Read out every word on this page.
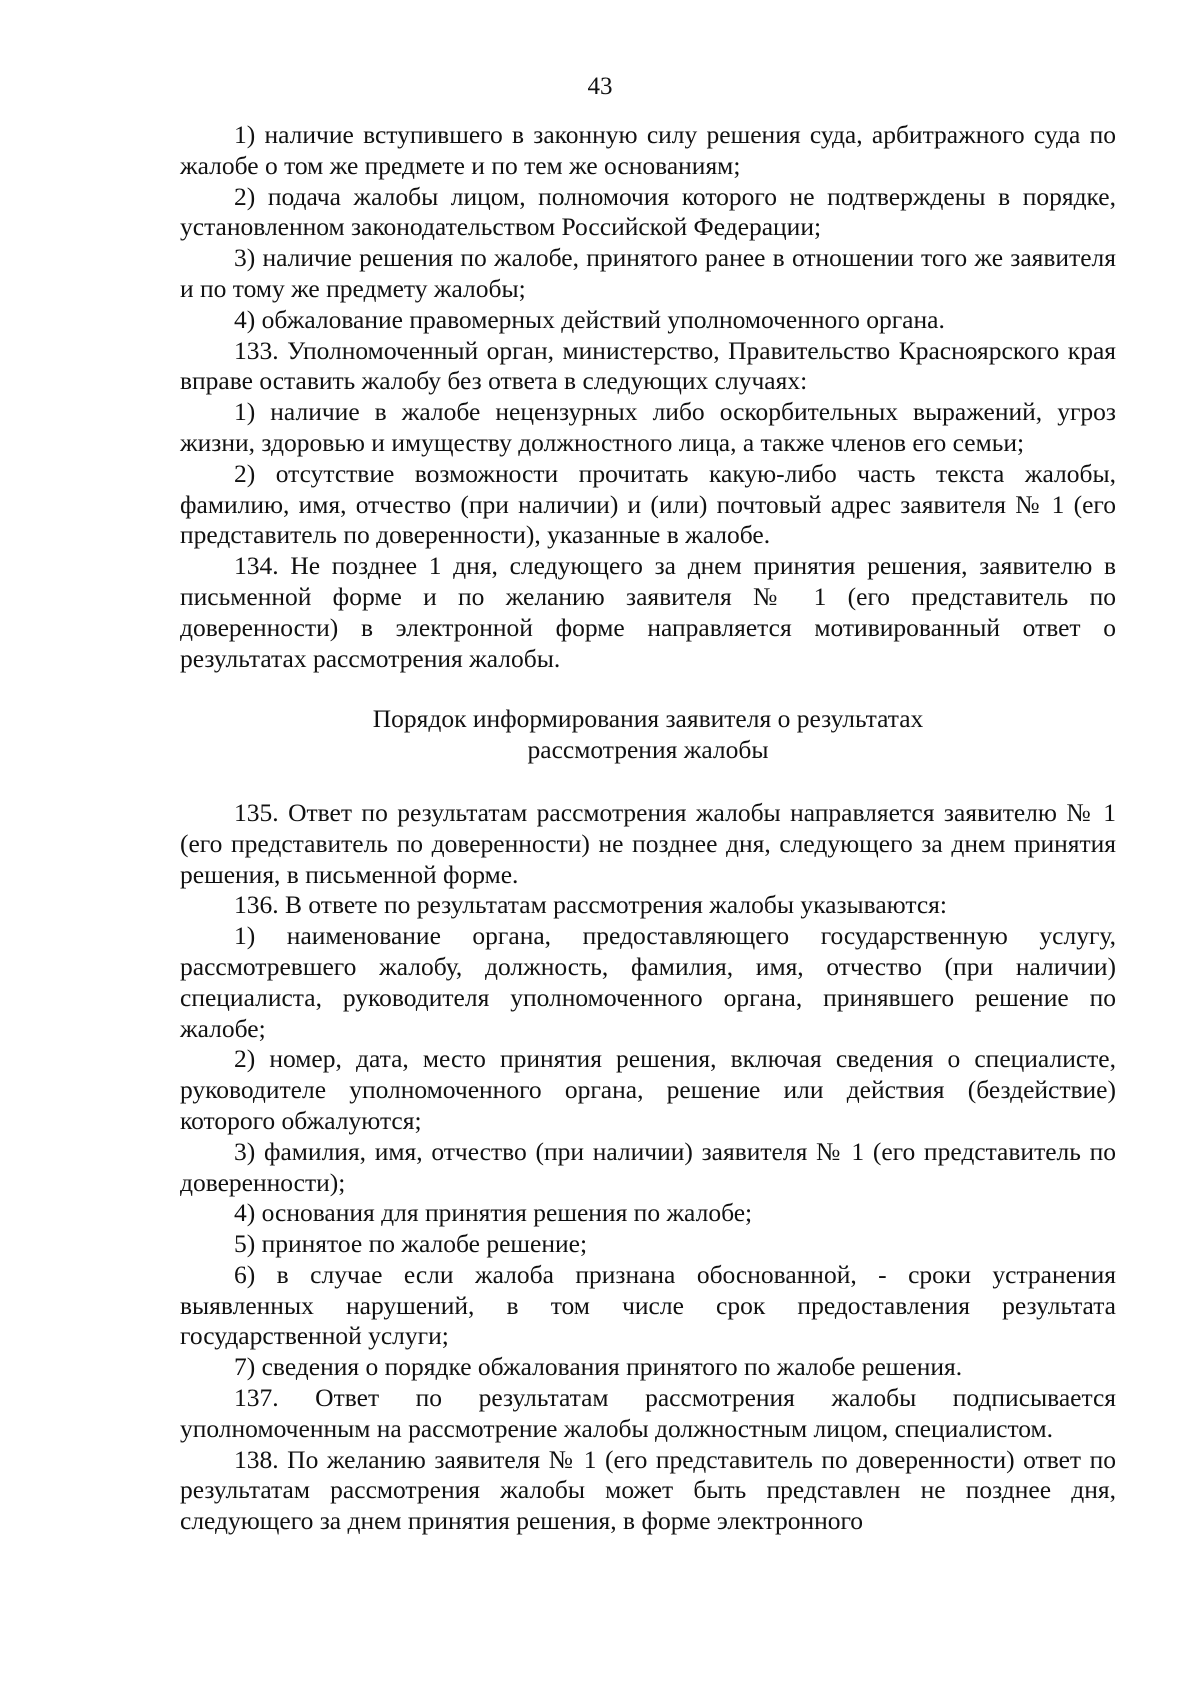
43

1) наличие вступившего в законную силу решения суда, арбитражного суда по жалобе о том же предмете и по тем же основаниям;

2) подача жалобы лицом, полномочия которого не подтверждены в порядке, установленном законодательством Российской Федерации;

3) наличие решения по жалобе, принятого ранее в отношении того же заявителя и по тому же предмету жалобы;

4) обжалование правомерных действий уполномоченного органа.

133. Уполномоченный орган, министерство, Правительство Красноярского края вправе оставить жалобу без ответа в следующих случаях:

1) наличие в жалобе нецензурных либо оскорбительных выражений, угроз жизни, здоровью и имуществу должностного лица, а также членов его семьи;

2) отсутствие возможности прочитать какую-либо часть текста жалобы, фамилию, имя, отчество (при наличии) и (или) почтовый адрес заявителя № 1 (его представитель по доверенности), указанные в жалобе.

134. Не позднее 1 дня, следующего за днем принятия решения, заявителю в письменной форме и по желанию заявителя № 1 (его представитель по доверенности) в электронной форме направляется мотивированный ответ о результатах рассмотрения жалобы.

Порядок информирования заявителя о результатах
рассмотрения жалобы

135. Ответ по результатам рассмотрения жалобы направляется заявителю № 1 (его представитель по доверенности) не позднее дня, следующего за днем принятия решения, в письменной форме.

136. В ответе по результатам рассмотрения жалобы указываются:

1) наименование органа, предоставляющего государственную услугу, рассмотревшего жалобу, должность, фамилия, имя, отчество (при наличии) специалиста, руководителя уполномоченного органа, принявшего решение по жалобе;

2) номер, дата, место принятия решения, включая сведения о специалисте, руководителе уполномоченного органа, решение или действия (бездействие) которого обжалуются;

3) фамилия, имя, отчество (при наличии) заявителя № 1 (его представитель по доверенности);

4) основания для принятия решения по жалобе;

5) принятое по жалобе решение;

6) в случае если жалоба признана обоснованной, - сроки устранения выявленных нарушений, в том числе срок предоставления результата государственной услуги;

7) сведения о порядке обжалования принятого по жалобе решения.

137. Ответ по результатам рассмотрения жалобы подписывается уполномоченным на рассмотрение жалобы должностным лицом, специалистом.

138. По желанию заявителя № 1 (его представитель по доверенности) ответ по результатам рассмотрения жалобы может быть представлен не позднее дня, следующего за днем принятия решения, в форме электронного
